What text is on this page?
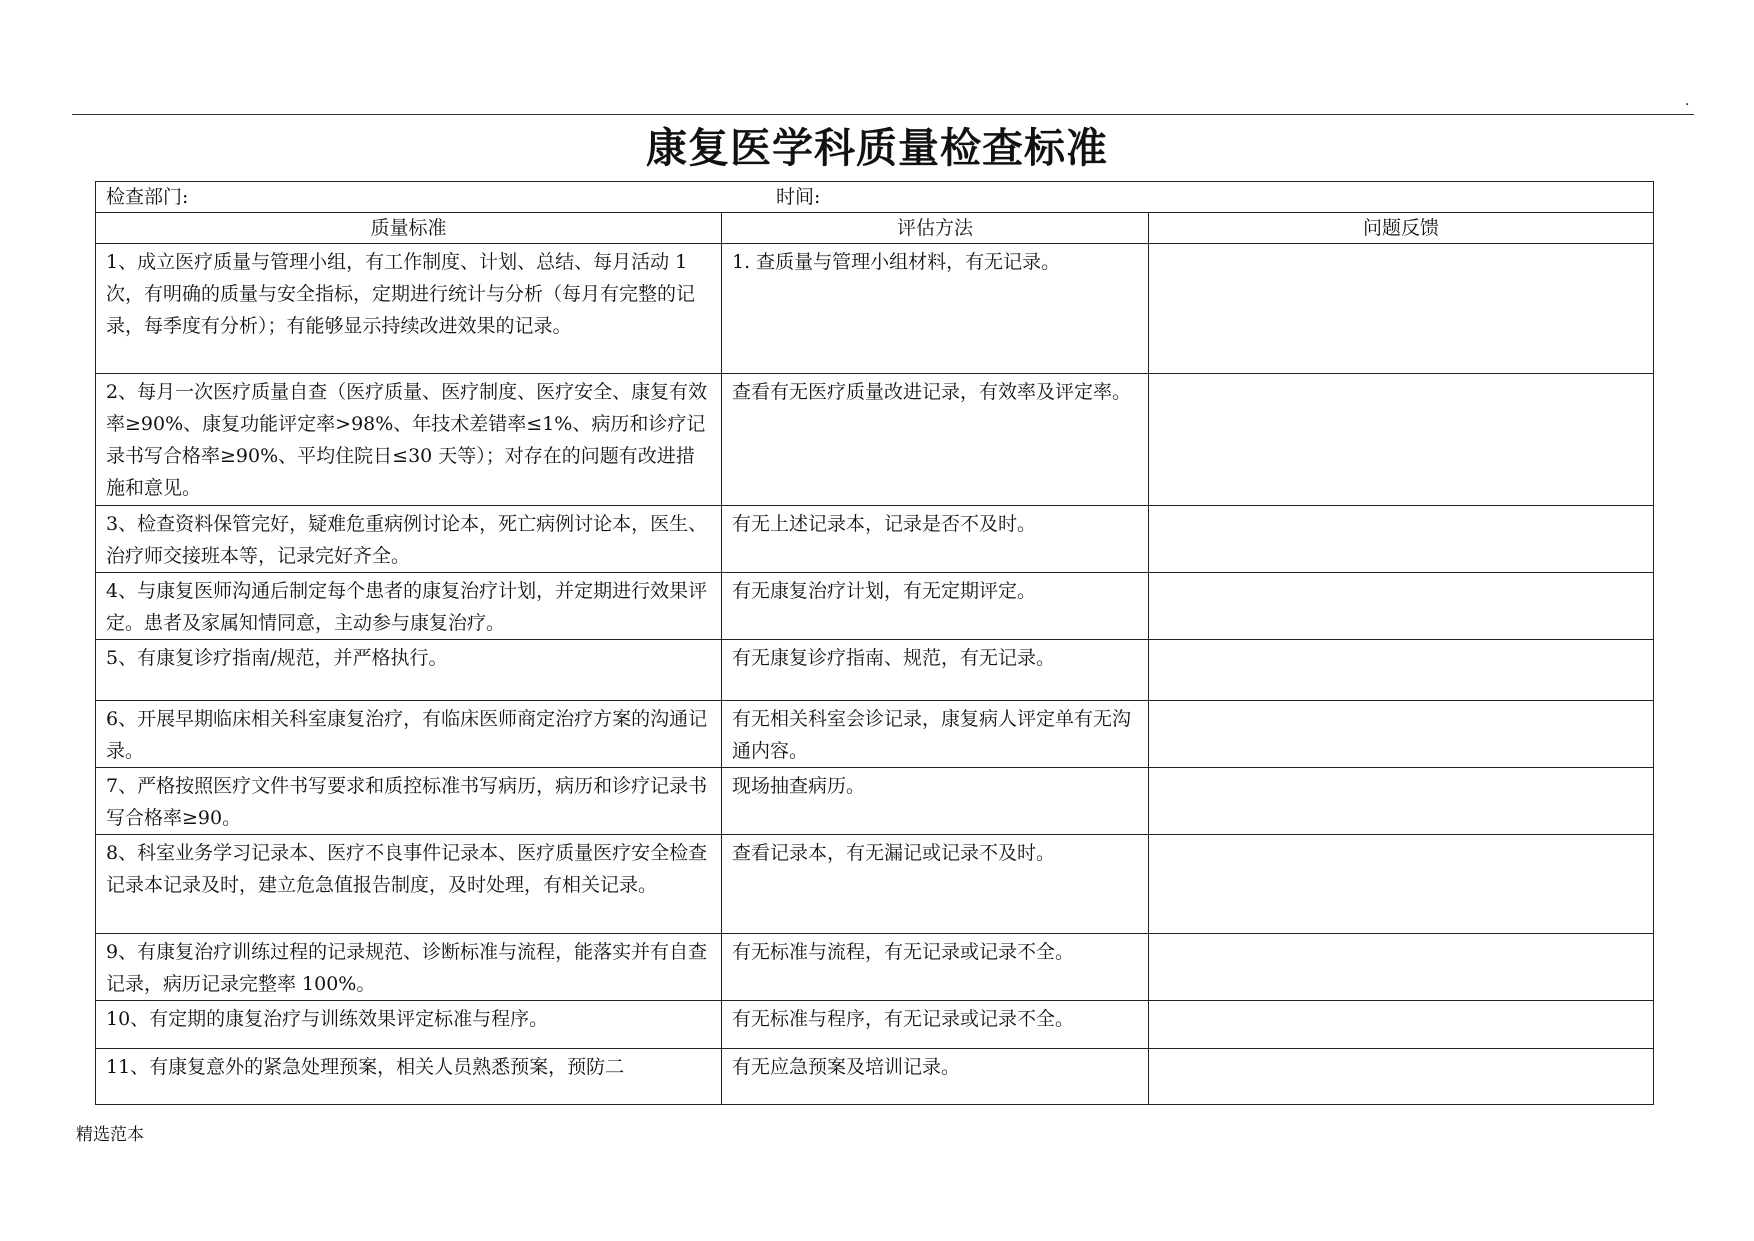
.
康复医学科质量检查标准
检查部门: 时间:		
质量标准	评估方法	问题反馈
1、成立医疗质量与管理小组，有工作制度、计划、总结、每月活动 1 次，有明确的质量与安全指标，定期进行统计与分析（每月有完整的记录，每季度有分析）；有能够显示持续改进效果的记录。	1. 查质量与管理小组材料，有无记录。	
2、每月一次医疗质量自查（医疗质量、医疗制度、医疗安全、康复有效率≥90%、康复功能评定率>98%、年技术差错率≤1%、病历和诊疗记录书写合格率≥90%、平均住院日≤30 天等）；对存在的问题有改进措施和意见。	查看有无医疗质量改进记录，有效率及评定率。	
3、检查资料保管完好，疑难危重病例讨论本，死亡病例讨论本，医生、治疗师交接班本等，记录完好齐全。	有无上述记录本，记录是否不及时。	
4、与康复医师沟通后制定每个患者的康复治疗计划，并定期进行效果评定。患者及家属知情同意，主动参与康复治疗。	有无康复治疗计划，有无定期评定。	
5、有康复诊疗指南/规范，并严格执行。	有无康复诊疗指南、规范，有无记录。	
6、开展早期临床相关科室康复治疗，有临床医师商定治疗方案的沟通记录。	有无相关科室会诊记录，康复病人评定单有无沟通内容。	
7、严格按照医疗文件书写要求和质控标准书写病历，病历和诊疗记录书写合格率≥90。	现场抽查病历。	
8、科室业务学习记录本、医疗不良事件记录本、医疗质量医疗安全检查记录本记录及时，建立危急值报告制度，及时处理，有相关记录。	查看记录本，有无漏记或记录不及时。	
9、有康复治疗训练过程的记录规范、诊断标准与流程，能落实并有自查记录，病历记录完整率 100%。	有无标准与流程，有无记录或记录不全。	
10、有定期的康复治疗与训练效果评定标准与程序。	有无标准与程序，有无记录或记录不全。	
11、有康复意外的紧急处理预案，相关人员熟悉预案，预防二	有无应急预案及培训记录。	
精选范本
